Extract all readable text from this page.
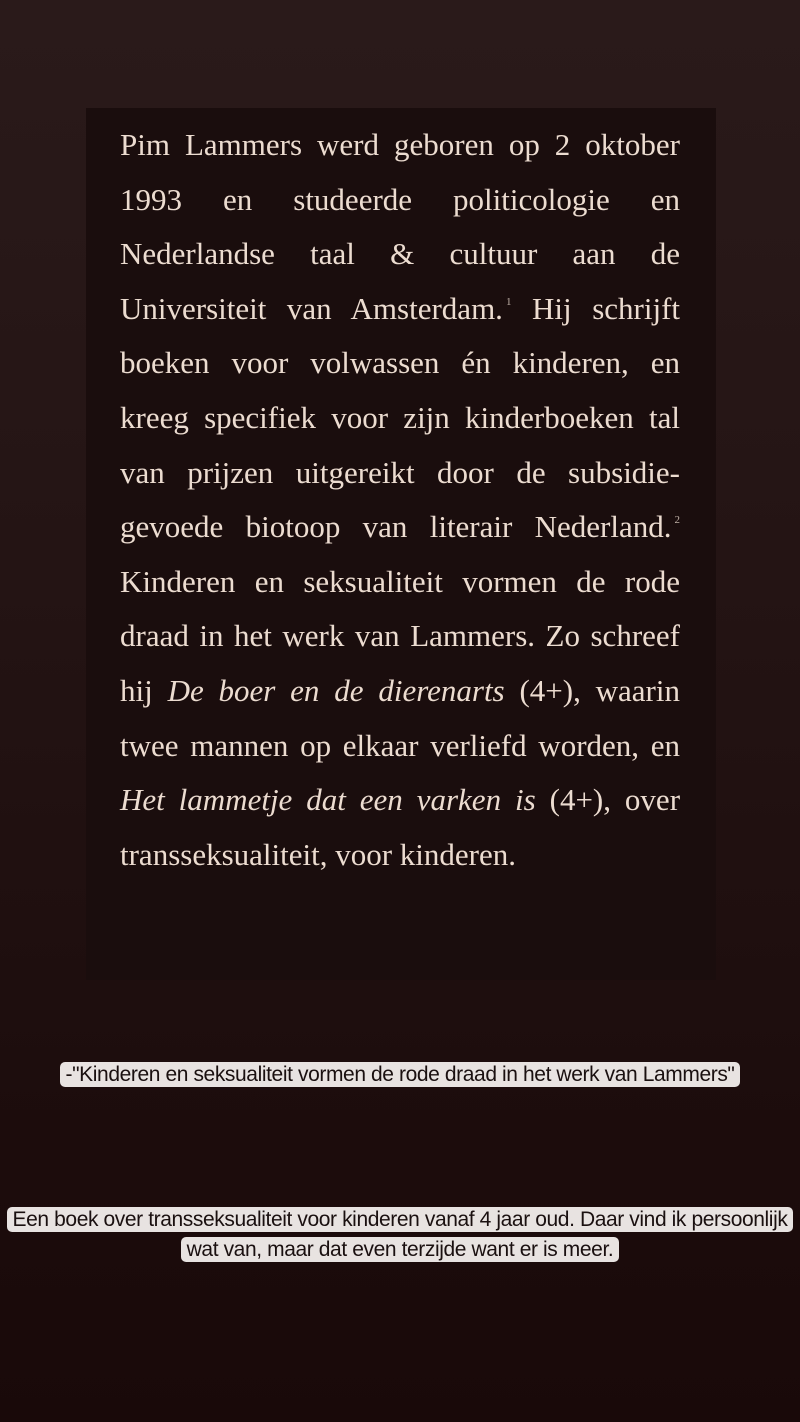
Pim Lammers werd geboren op 2 oktober 1993 en studeerde politicologie en Nederlandse taal & cultuur aan de Universiteit van Amsterdam. $^1$ Hij schrijft boeken voor volwassen én kinderen, en kreeg specifiek voor zijn kinderboeken tal van prijzen uitgereikt door de subsidie-gevoede biotoop van literair Nederland. $^2$ Kinderen en seksualiteit vormen de rode draad in het werk van Lammers. Zo schreef hij De boer en de dierenarts (4+), waarin twee mannen op elkaar verliefd worden, en Het lammetje dat een varken is (4+), over transseksualiteit, voor kinderen.

-"Kinderen en seksualiteit vormen de rode draad in het werk van Lammers"
Een boek over transseksualiteit voor kinderen vanaf 4 jaar oud. Daar vind ik persoonlijk wat van, maar dat even terzijde want er is meer.
